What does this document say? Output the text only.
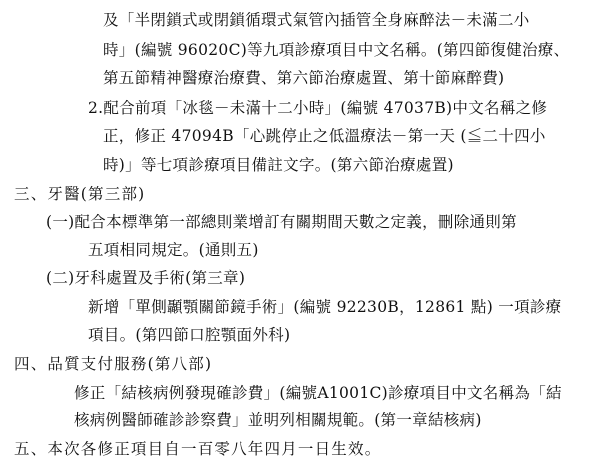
及「半閉鎖式或閉鎖循環式氣管內插管全身麻醉法－未滿二小
時」(編號 96020C)等九項診療項目中文名稱。(第四節復健治療、
第五節精神醫療治療費、第六節治療處置、第十節麻醉費)
2.配合前項「冰毯－未滿十二小時」(編號 47037B)中文名稱之修
正，修正 47094B「心跳停止之低溫療法－第一天 (≦二十四小
時)」等七項診療項目備註文字。(第六節治療處置)
三、牙醫(第三部)
(一)配合本標準第一部總則業增訂有關期間天數之定義，刪除通則第
五項相同規定。(通則五)
(二)牙科處置及手術(第三章)
新增「單側顳顎關節鏡手術」(編號 92230B，12861 點) 一項診療
項目。(第四節口腔顎面外科)
四、品質支付服務(第八部)
修正「結核病例發現確診費」(編號A1001C)診療項目中文名稱為「結
核病例醫師確診診察費」並明列相關規範。(第一章結核病)
五、本次各修正項目自一百零八年四月一日生效。
